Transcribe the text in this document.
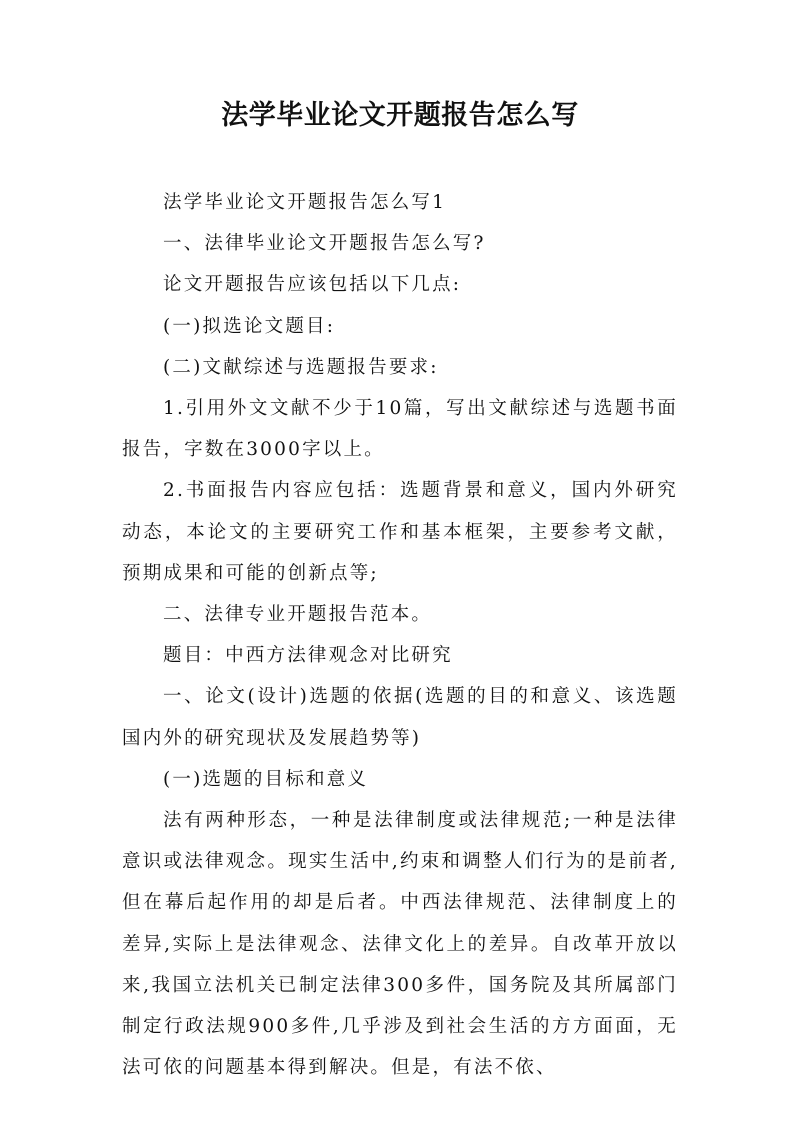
法学毕业论文开题报告怎么写

法学毕业论文开题报告怎么写1

一、法律毕业论文开题报告怎么写?

论文开题报告应该包括以下几点:

(一)拟选论文题目:

(二)文献综述与选题报告要求:

1.引用外文文献不少于10篇，写出文献综述与选题书面报告，字数在3000字以上。

2.书面报告内容应包括：选题背景和意义，国内外研究动态，本论文的主要研究工作和基本框架，主要参考文献，预期成果和可能的创新点等;

二、法律专业开题报告范本。

题目：中西方法律观念对比研究

一、论文(设计)选题的依据(选题的目的和意义、该选题国内外的研究现状及发展趋势等)

(一)选题的目标和意义

法有两种形态，一种是法律制度或法律规范;一种是法律意识或法律观念。现实生活中,约束和调整人们行为的是前者,但在幕后起作用的却是后者。中西法律规范、法律制度上的差异,实际上是法律观念、法律文化上的差异。自改革开放以来,我国立法机关已制定法律300多件，国务院及其所属部门制定行政法规900多件,几乎涉及到社会生活的方方面面，无法可依的问题基本得到解决。但是，有法不依、
